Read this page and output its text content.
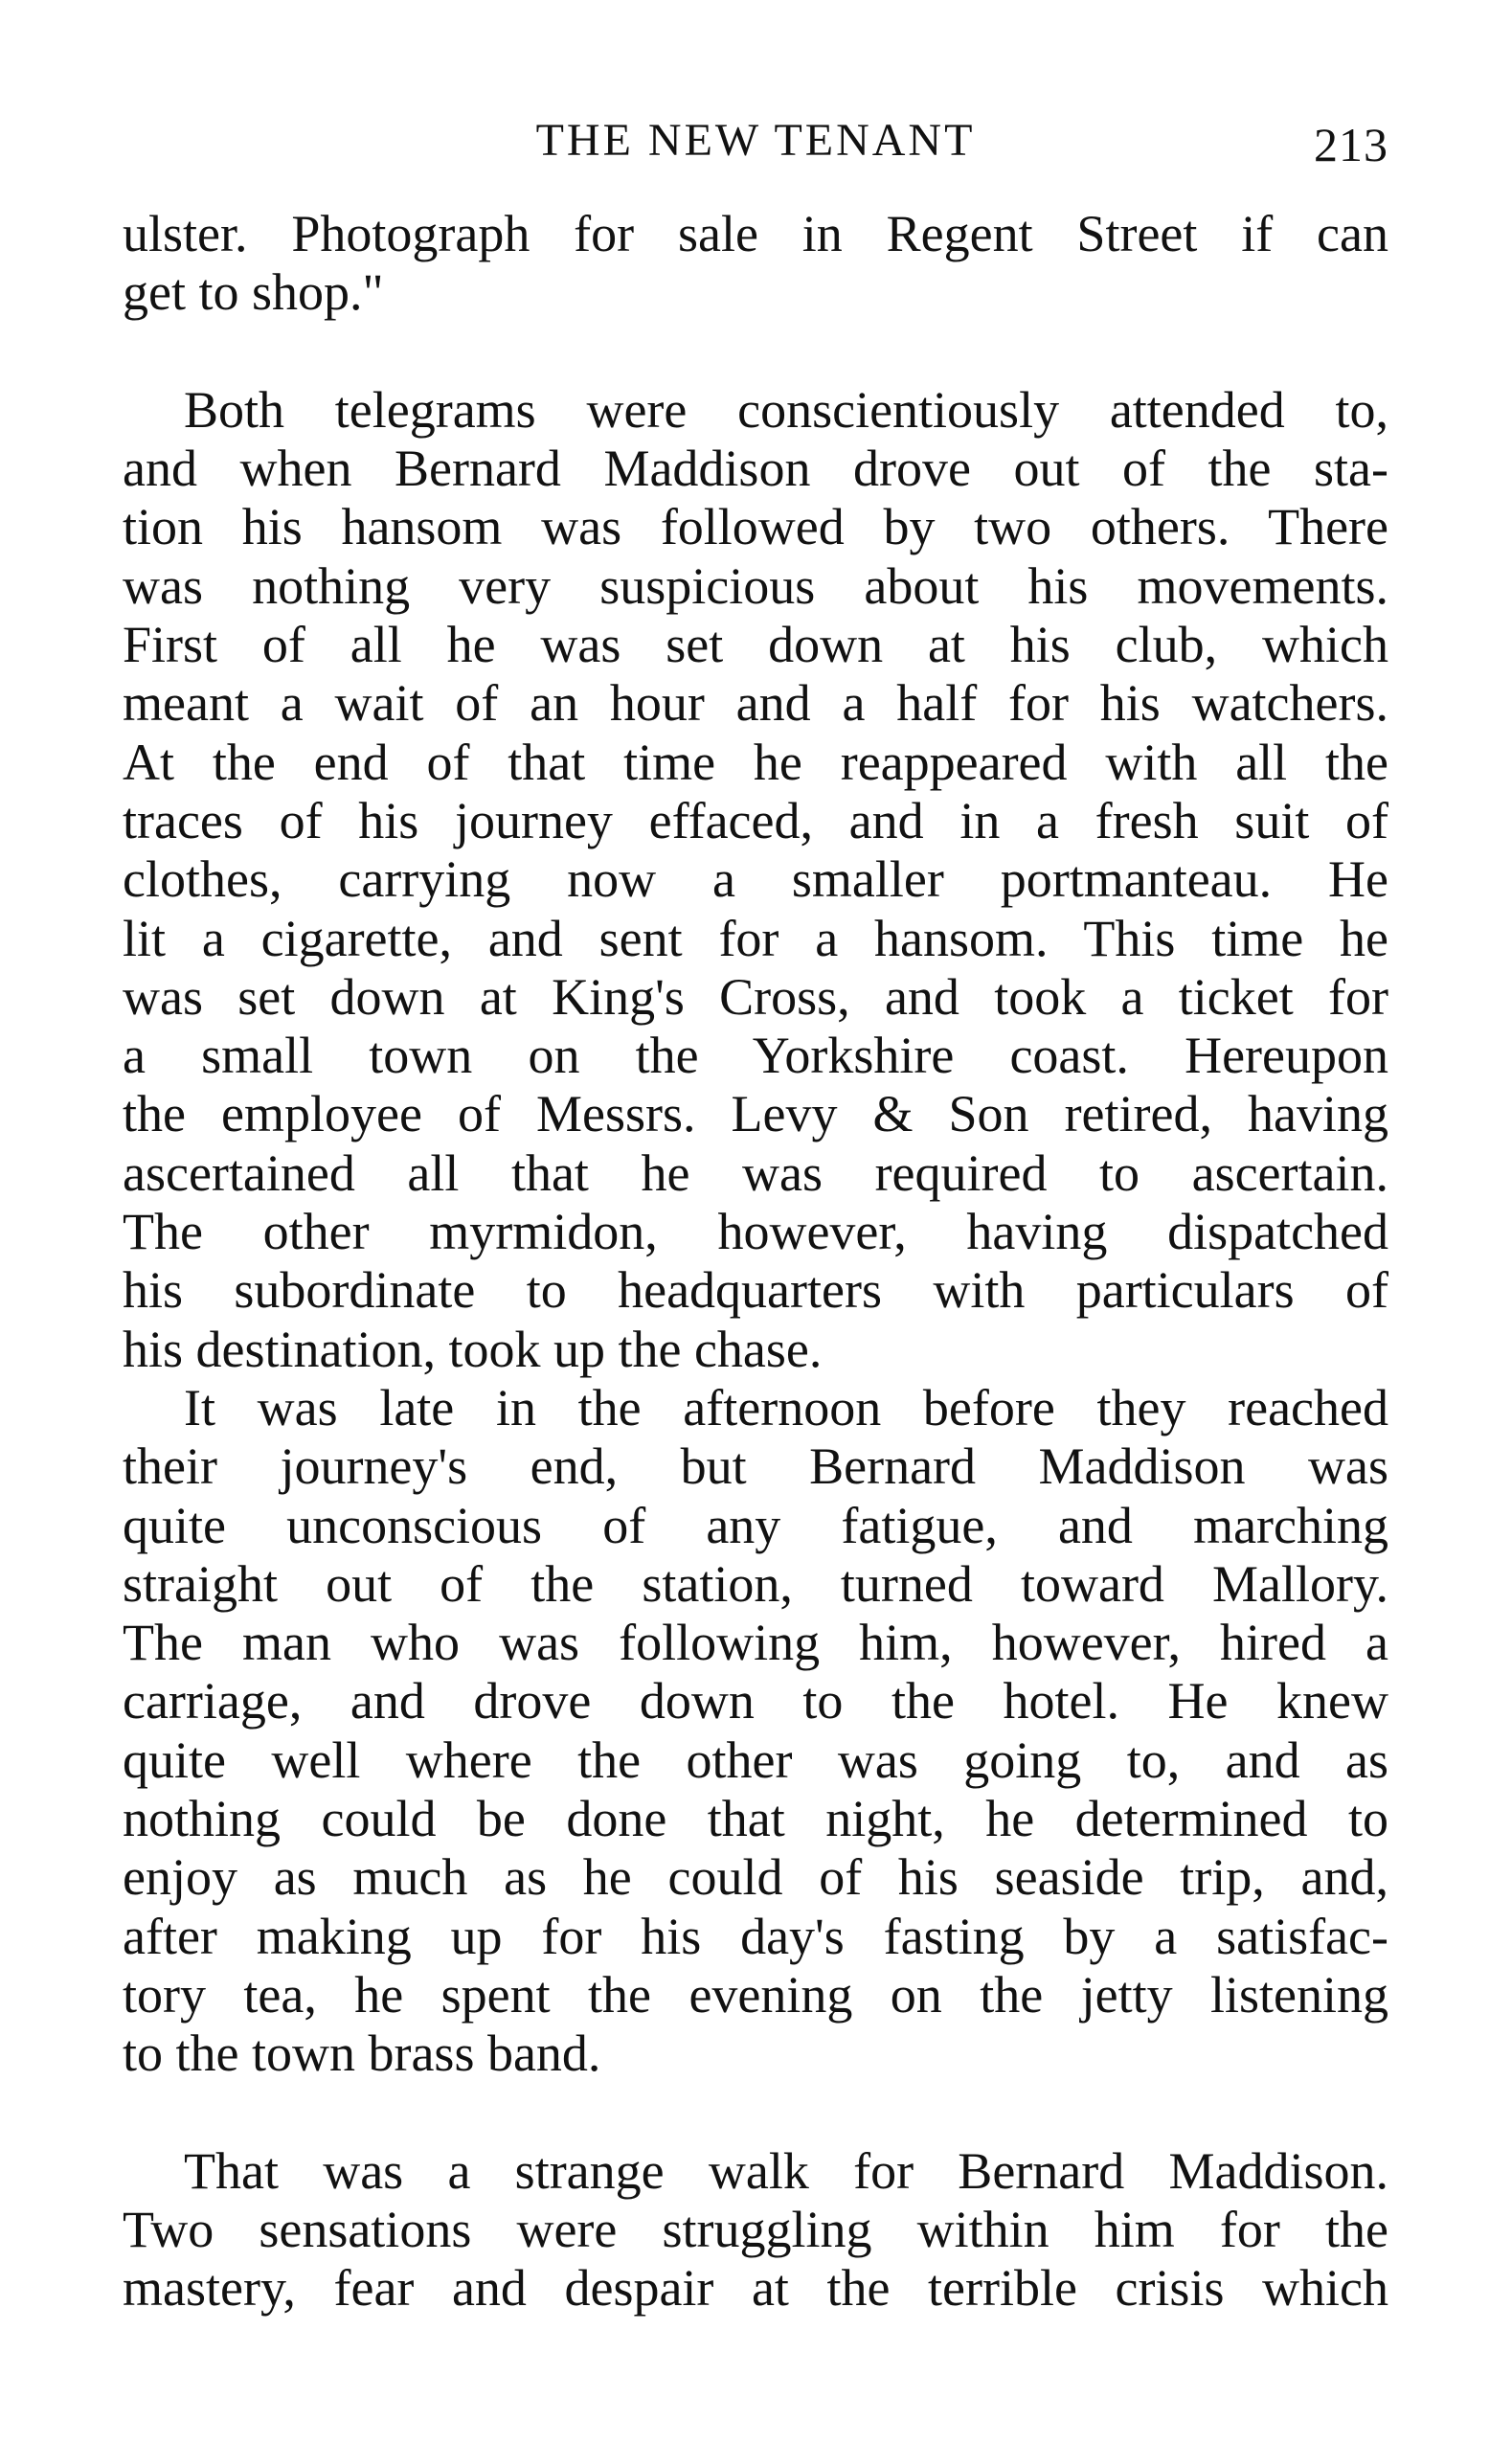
THE NEW TENANT	213
ulster. Photograph for sale in Regent Street if can
get to shop."
Both telegrams were conscientiously attended to,
and when Bernard Maddison drove out of the sta-
tion his hansom was followed by two others. There
was nothing very suspicious about his movements.
First of all he was set down at his club, which
meant a wait of an hour and a half for his watchers.
At the end of that time he reappeared with all the
traces of his journey effaced, and in a fresh suit of
clothes, carrying now a smaller portmanteau. He
lit a cigarette, and sent for a hansom. This time he
was set down at King's Cross, and took a ticket for
a small town on the Yorkshire coast. Hereupon
the employee of Messrs. Levy & Son retired, having
ascertained all that he was required to ascertain.
The other myrmidon, however, having dispatched
his subordinate to headquarters with particulars of
his destination, took up the chase.
It was late in the afternoon before they reached
their journey's end, but Bernard Maddison was
quite unconscious of any fatigue, and marching
straight out of the station, turned toward Mallory.
The man who was following him, however, hired a
carriage, and drove down to the hotel. He knew
quite well where the other was going to, and as
nothing could be done that night, he determined to
enjoy as much as he could of his seaside trip, and,
after making up for his day's fasting by a satisfac-
tory tea, he spent the evening on the jetty listening
to the town brass band.
That was a strange walk for Bernard Maddison.
Two sensations were struggling within him for the
mastery, fear and despair at the terrible crisis which
